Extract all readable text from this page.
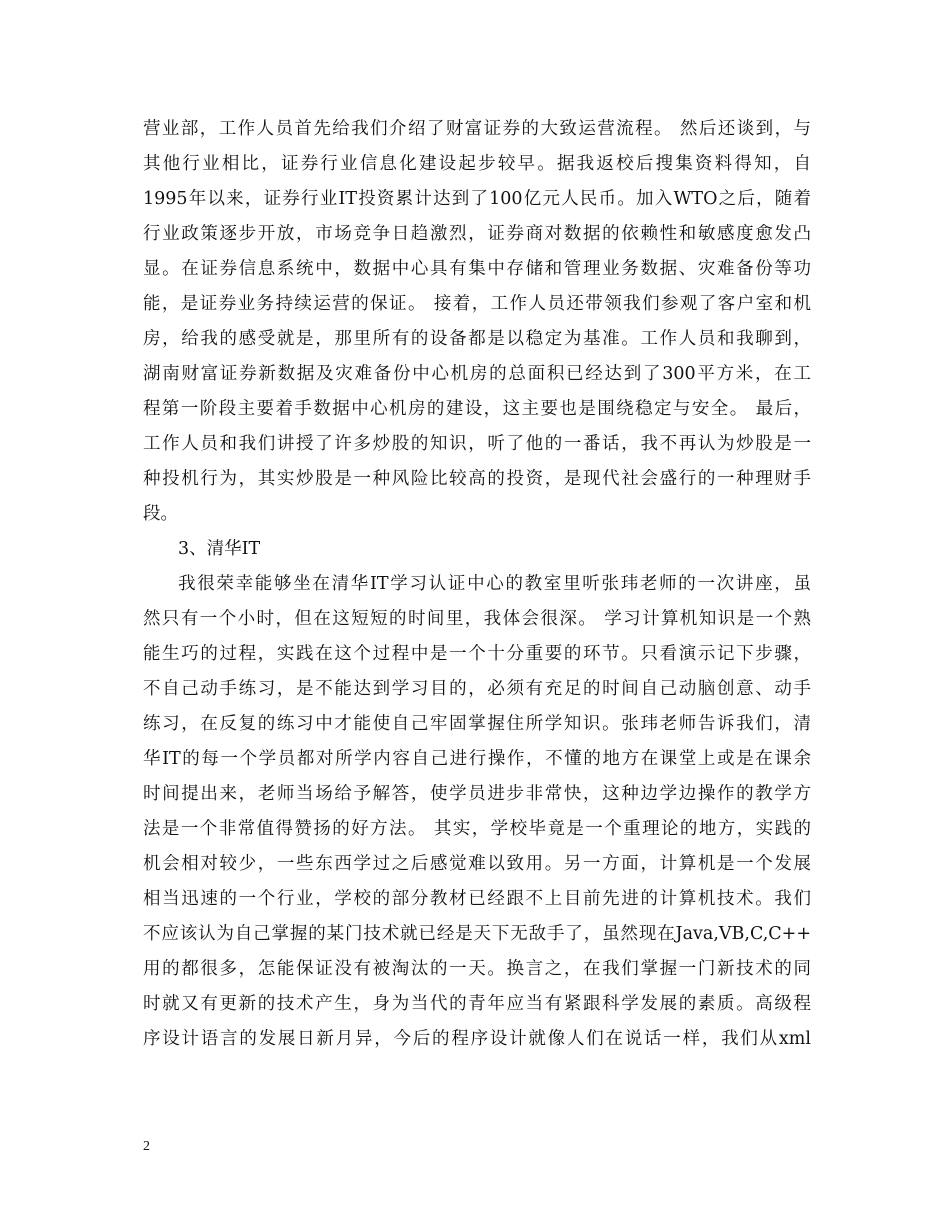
营业部，工作人员首先给我们介绍了财富证券的大致运营流程。 然后还谈到，与
其他行业相比，证券行业信息化建设起步较早。据我返校后搜集资料得知，自
1995年以来，证券行业IT投资累计达到了100亿元人民币。加入WTO之后，随着
行业政策逐步开放，市场竞争日趋激烈，证券商对数据的依赖性和敏感度愈发凸
显。在证券信息系统中，数据中心具有集中存储和管理业务数据、灾难备份等功
能，是证券业务持续运营的保证。 接着，工作人员还带领我们参观了客户室和机
房，给我的感受就是，那里所有的设备都是以稳定为基准。工作人员和我聊到，
湖南财富证券新数据及灾难备份中心机房的总面积已经达到了300平方米，在工
程第一阶段主要着手数据中心机房的建设，这主要也是围绕稳定与安全。 最后，
工作人员和我们讲授了许多炒股的知识，听了他的一番话，我不再认为炒股是一
种投机行为，其实炒股是一种风险比较高的投资，是现代社会盛行的一种理财手
段。
3、清华IT
我很荣幸能够坐在清华IT学习认证中心的教室里听张玮老师的一次讲座，虽
然只有一个小时，但在这短短的时间里，我体会很深。 学习计算机知识是一个熟
能生巧的过程，实践在这个过程中是一个十分重要的环节。只看演示记下步骤，
不自己动手练习，是不能达到学习目的，必须有充足的时间自己动脑创意、动手
练习，在反复的练习中才能使自己牢固掌握住所学知识。张玮老师告诉我们，清
华IT的每一个学员都对所学内容自己进行操作，不懂的地方在课堂上或是在课余
时间提出来，老师当场给予解答，使学员进步非常快，这种边学边操作的教学方
法是一个非常值得赞扬的好方法。 其实，学校毕竟是一个重理论的地方，实践的
机会相对较少，一些东西学过之后感觉难以致用。另一方面，计算机是一个发展
相当迅速的一个行业，学校的部分教材已经跟不上目前先进的计算机技术。我们
不应该认为自己掌握的某门技术就已经是天下无敌手了，虽然现在Java,VB,C,C++
用的都很多，怎能保证没有被淘汰的一天。换言之，在我们掌握一门新技术的同
时就又有更新的技术产生，身为当代的青年应当有紧跟科学发展的素质。高级程
序设计语言的发展日新月异，今后的程序设计就像人们在说话一样，我们从xml
2
